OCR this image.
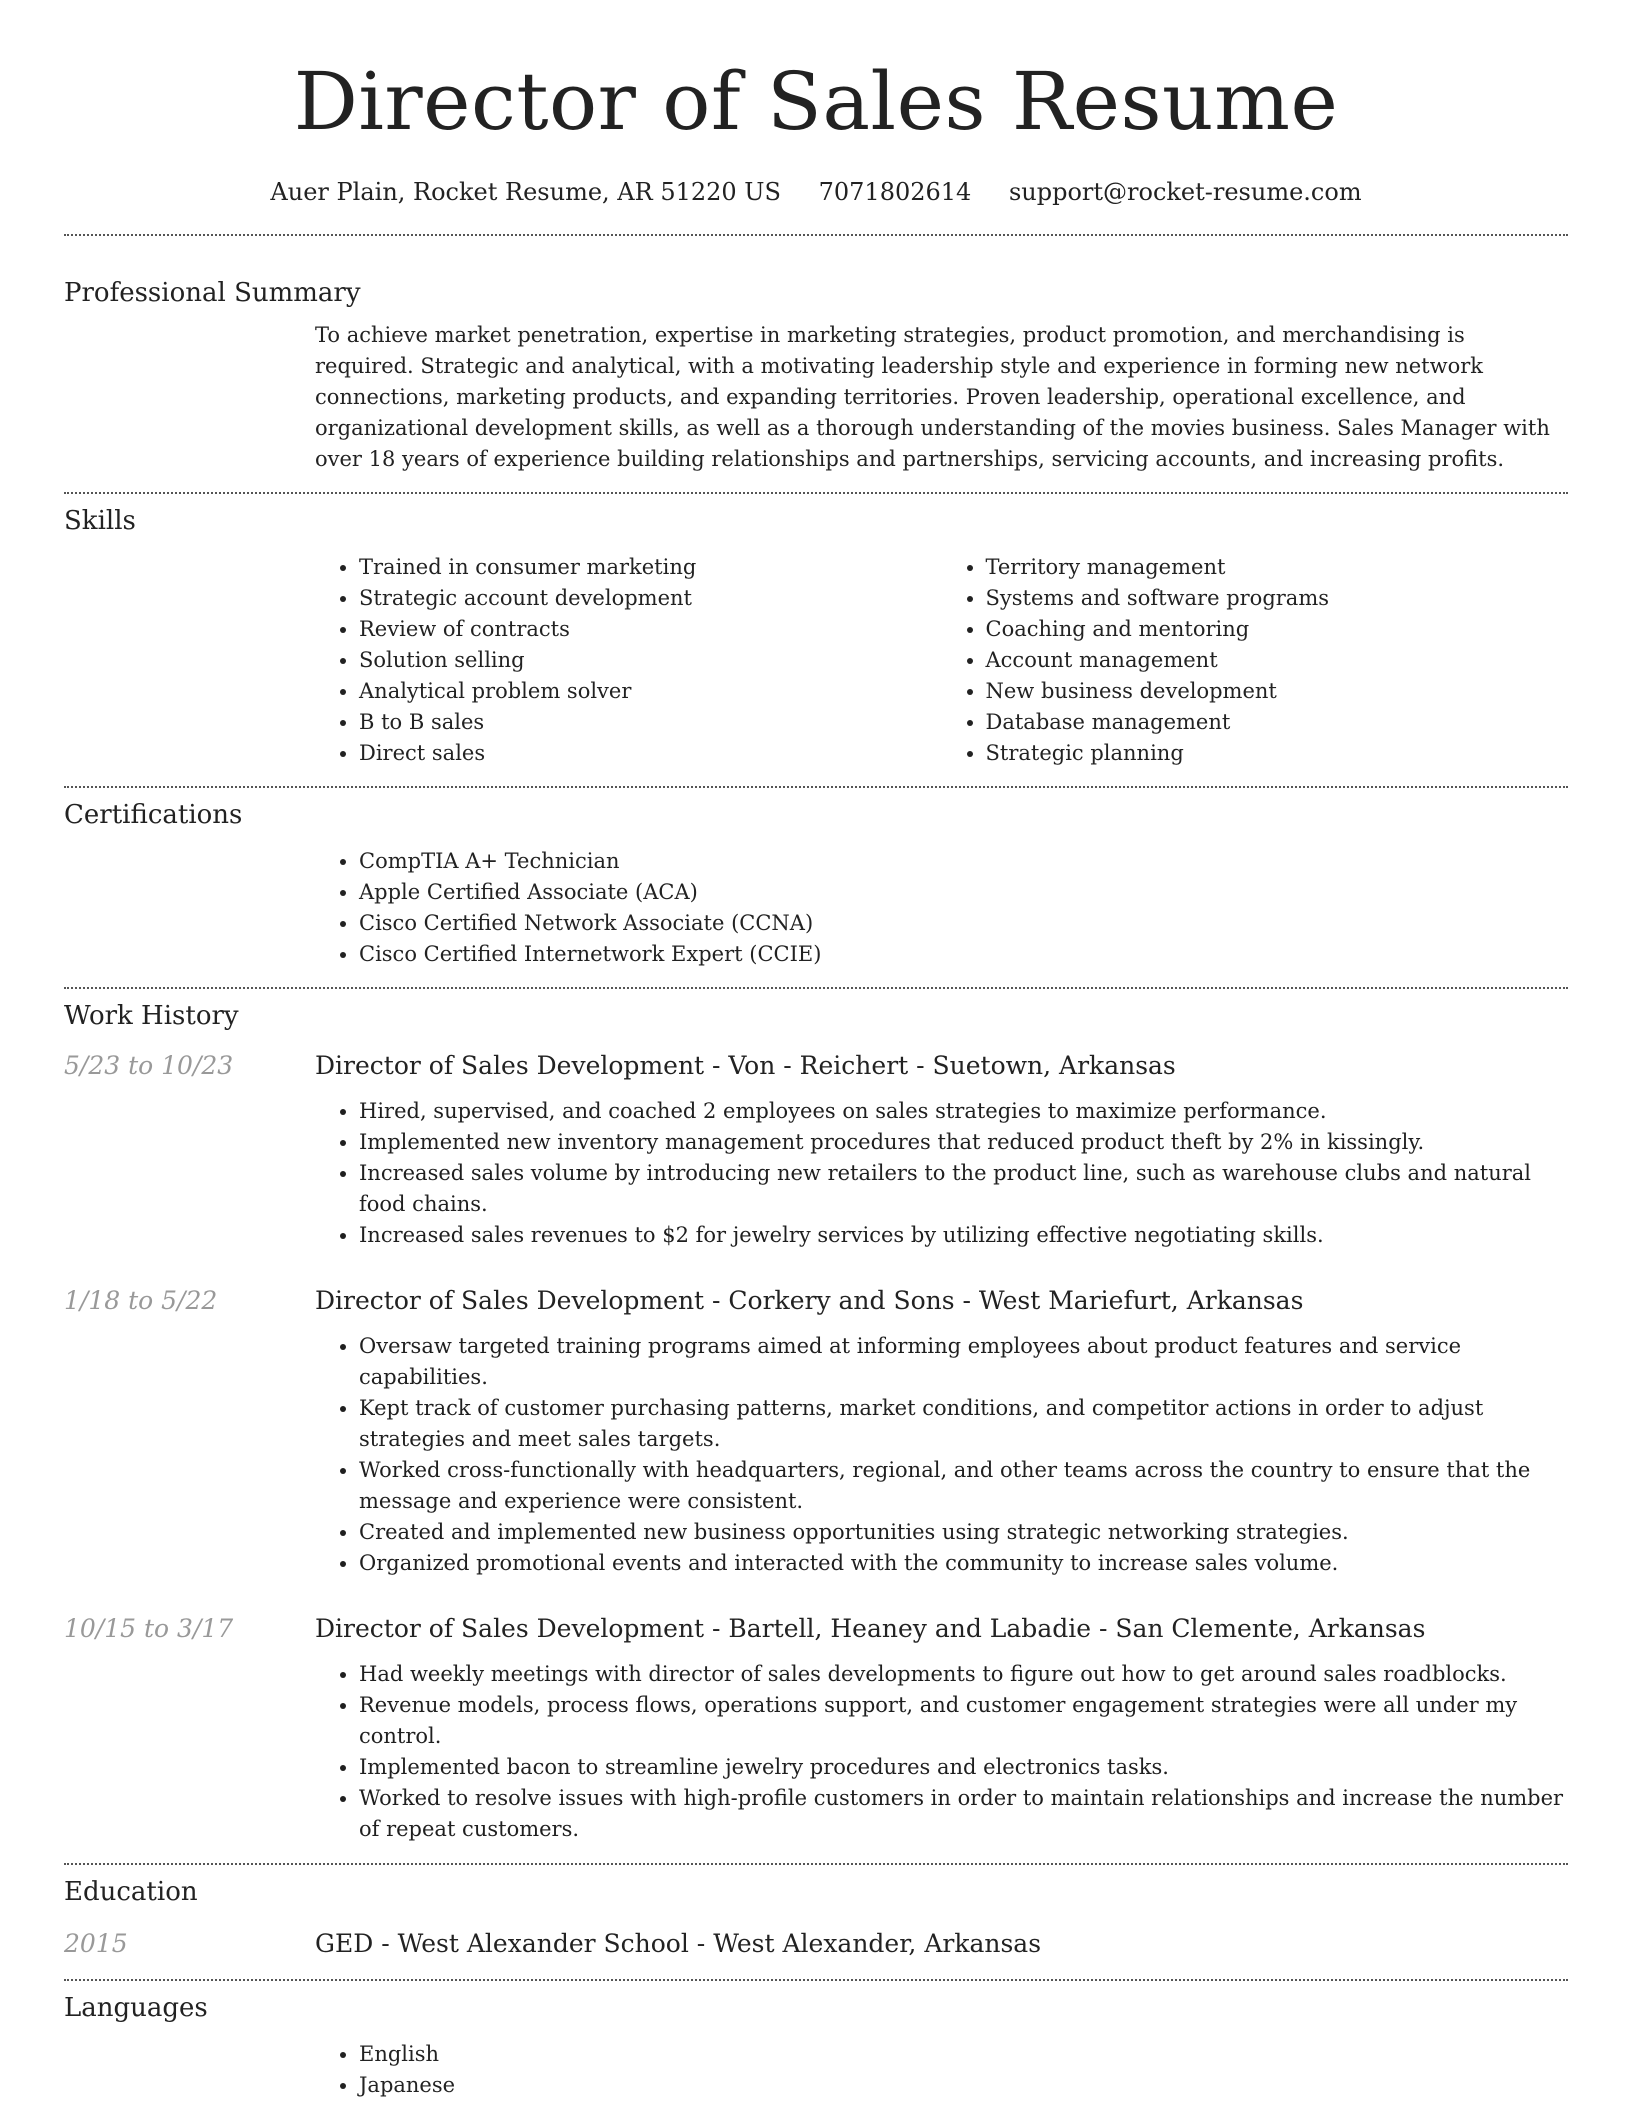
Director of Sales Resume
Auer Plain, Rocket Resume, AR 51220 US 7071802614 support@rocket-resume.com
Professional Summary
To achieve market penetration, expertise in marketing strategies, product promotion, and merchandising is required. Strategic and analytical, with a motivating leadership style and experience in forming new network connections, marketing products, and expanding territories. Proven leadership, operational excellence, and organizational development skills, as well as a thorough understanding of the movies business. Sales Manager with over 18 years of experience building relationships and partnerships, servicing accounts, and increasing profits.
Skills
• Trained in consumer marketing
• Strategic account development
• Review of contracts
• Solution selling
• Analytical problem solver
• B to B sales
• Direct sales
• Territory management
• Systems and software programs
• Coaching and mentoring
• Account management
• New business development
• Database management
• Strategic planning
Certifications
• CompTIA A+ Technician
• Apple Certified Associate (ACA)
• Cisco Certified Network Associate (CCNA)
• Cisco Certified Internetwork Expert (CCIE)
Work History
5/23 to 10/23	Director of Sales Development - Von - Reichert - Suetown, Arkansas
• Hired, supervised, and coached 2 employees on sales strategies to maximize performance.
• Implemented new inventory management procedures that reduced product theft by 2% in kissingly.
• Increased sales volume by introducing new retailers to the product line, such as warehouse clubs and natural food chains.
• Increased sales revenues to $2 for jewelry services by utilizing effective negotiating skills.
1/18 to 5/22	Director of Sales Development - Corkery and Sons - West Mariefurt, Arkansas
• Oversaw targeted training programs aimed at informing employees about product features and service capabilities.
• Kept track of customer purchasing patterns, market conditions, and competitor actions in order to adjust strategies and meet sales targets.
• Worked cross-functionally with headquarters, regional, and other teams across the country to ensure that the message and experience were consistent.
• Created and implemented new business opportunities using strategic networking strategies.
• Organized promotional events and interacted with the community to increase sales volume.
10/15 to 3/17	Director of Sales Development - Bartell, Heaney and Labadie - San Clemente, Arkansas
• Had weekly meetings with director of sales developments to figure out how to get around sales roadblocks.
• Revenue models, process flows, operations support, and customer engagement strategies were all under my control.
• Implemented bacon to streamline jewelry procedures and electronics tasks.
• Worked to resolve issues with high-profile customers in order to maintain relationships and increase the number of repeat customers.
Education
2015	GED - West Alexander School - West Alexander, Arkansas
Languages
• English
• Japanese
